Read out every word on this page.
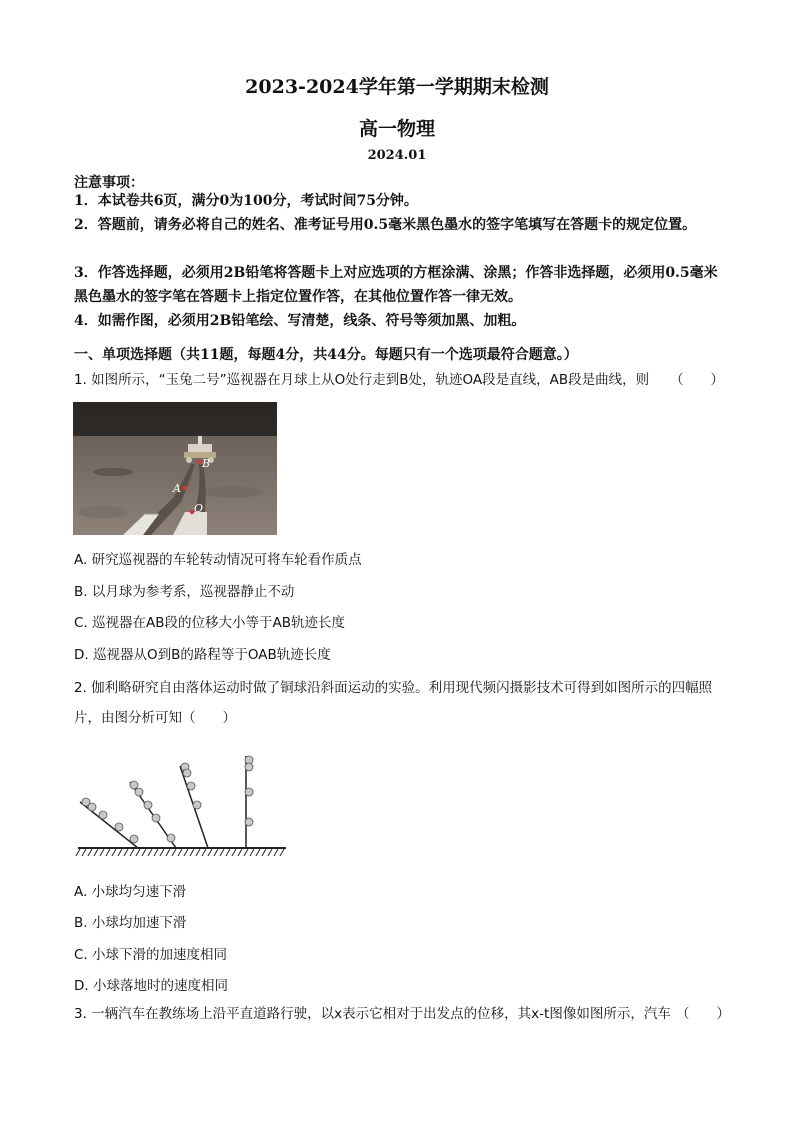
2023-2024学年第一学期期末检测
高一物理
2024.01
注意事项：
1．本试卷共6页，满分0为100分，考试时间75分钟。
2．答题前，请务必将自己的姓名、准考证号用0.5毫米黑色墨水的签字笔填写在答题卡的规定位置。
3．作答选择题，必须用2B铅笔将答题卡上对应选项的方框涂满、涂黑；作答非选择题，必须用0.5毫米黑色墨水的签字笔在答题卡上指定位置作答，在其他位置作答一律无效。
4．如需作图，必须用2B铅笔绘、写清楚，线条、符号等须加黑、加粗。
一、单项选择题（共11题，每题4分，共44分。每题只有一个选项最符合题意。）
1. 如图所示，“玉兔二号”巡视器在月球上从O处行走到B处，轨迹OA段是直线，AB段是曲线，则	（　　）
B
A
O
A. 研究巡视器的车轮转动情况可将车轮看作质点
B. 以月球为参考系，巡视器静止不动
C. 巡视器在AB段的位移大小等于AB轨迹长度
D. 巡视器从O到B的路程等于OAB轨迹长度
2. 伽利略研究自由落体运动时做了铜球沿斜面运动的实验。利用现代频闪摄影技术可得到如图所示的四幅照片，由图分析可知（　　）
A. 小球均匀速下滑
B. 小球均加速下滑
C. 小球下滑的加速度相同
D. 小球落地时的速度相同
3. 一辆汽车在教练场上沿平直道路行驶，以x表示它相对于出发点的位移，其x-t图像如图所示，汽车 （　　）
